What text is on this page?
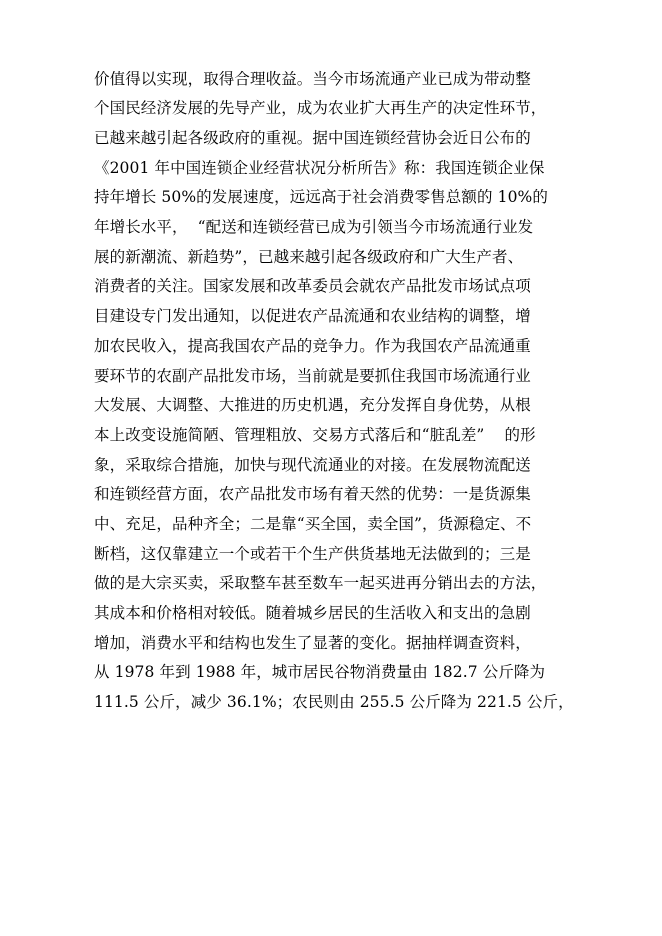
价值得以实现，取得合理收益。当今市场流通产业已成为带动整
个国民经济发展的先导产业，成为农业扩大再生产的决定性环节，
已越来越引起各级政府的重视。据中国连锁经营协会近日公布的
《2001 年中国连锁企业经营状况分析所告》称：我国连锁企业保
持年增长 50%的发展速度，远远高于社会消费零售总额的 10%的
年增长水平，  “配送和连锁经营已成为引领当今市场流通行业发
展的新潮流、新趋势”，已越来越引起各级政府和广大生产者、
消费者的关注。国家发展和改革委员会就农产品批发市场试点项
目建设专门发出通知，以促进农产品流通和农业结构的调整，增
加农民收入，提高我国农产品的竞争力。作为我国农产品流通重
要环节的农副产品批发市场，当前就是要抓住我国市场流通行业
大发展、大调整、大推进的历史机遇，充分发挥自身优势，从根
本上改变设施简陋、管理粗放、交易方式落后和“脏乱差”    的形
象，采取综合措施，加快与现代流通业的对接。在发展物流配送
和连锁经营方面，农产品批发市场有着天然的优势：一是货源集
中、充足，品种齐全；二是靠“买全国，卖全国”，货源稳定、不
断档，这仅靠建立一个或若干个生产供货基地无法做到的；三是
做的是大宗买卖，采取整车甚至数车一起买进再分销出去的方法，
其成本和价格相对较低。随着城乡居民的生活收入和支出的急剧
增加，消费水平和结构也发生了显著的变化。据抽样调查资料，
从 1978 年到 1988 年，城市居民谷物消费量由 182.7 公斤降为
111.5 公斤，减少 36.1%；农民则由 255.5 公斤降为 221.5 公斤，
